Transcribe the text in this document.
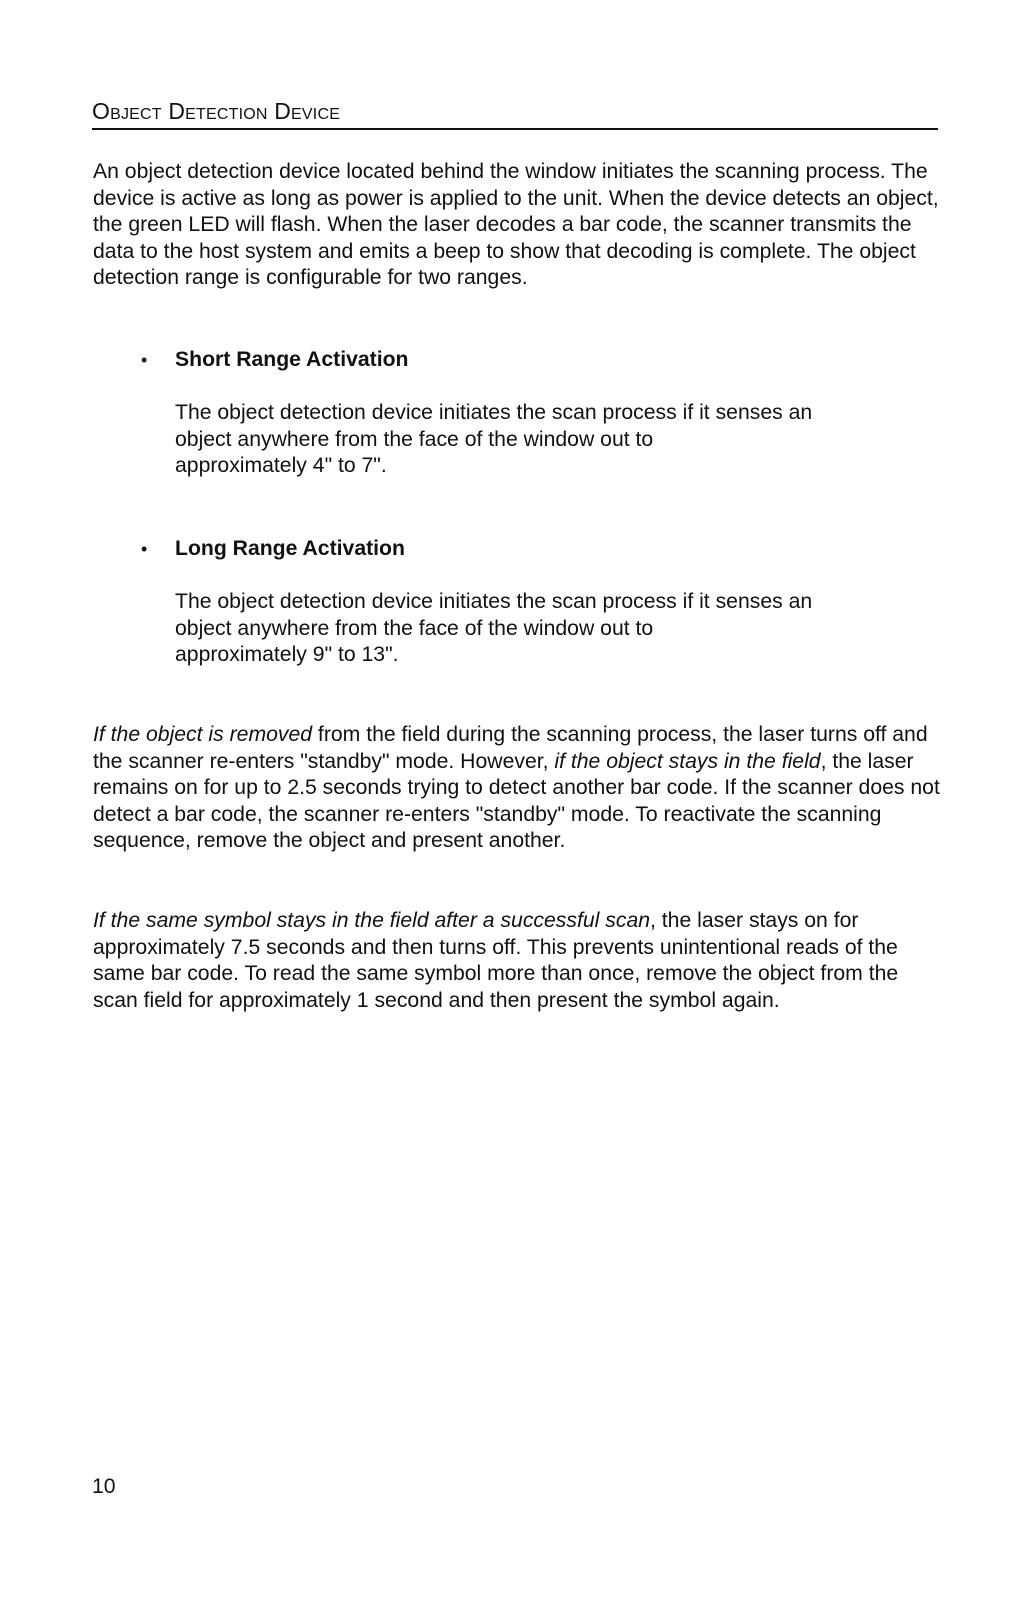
Object Detection Device

An object detection device located behind the window initiates the scanning process. The device is active as long as power is applied to the unit. When the device detects an object, the green LED will flash. When the laser decodes a bar code, the scanner transmits the data to the host system and emits a beep to show that decoding is complete. The object detection range is configurable for two ranges.

• Short Range Activation

The object detection device initiates the scan process if it senses an
object anywhere from the face of the window out to
approximately 4" to 7".

• Long Range Activation

The object detection device initiates the scan process if it senses an
object anywhere from the face of the window out to
approximately 9" to 13".

If the object is removed from the field during the scanning process, the laser turns off and the scanner re-enters "standby" mode. However, if the object stays in the field, the laser remains on for up to 2.5 seconds trying to detect another bar code. If the scanner does not detect a bar code, the scanner re-enters "standby" mode. To reactivate the scanning sequence, remove the object and present another.

If the same symbol stays in the field after a successful scan, the laser stays on for approximately 7.5 seconds and then turns off. This prevents unintentional reads of the same bar code. To read the same symbol more than once, remove the object from the scan field for approximately 1 second and then present the symbol again.

10
